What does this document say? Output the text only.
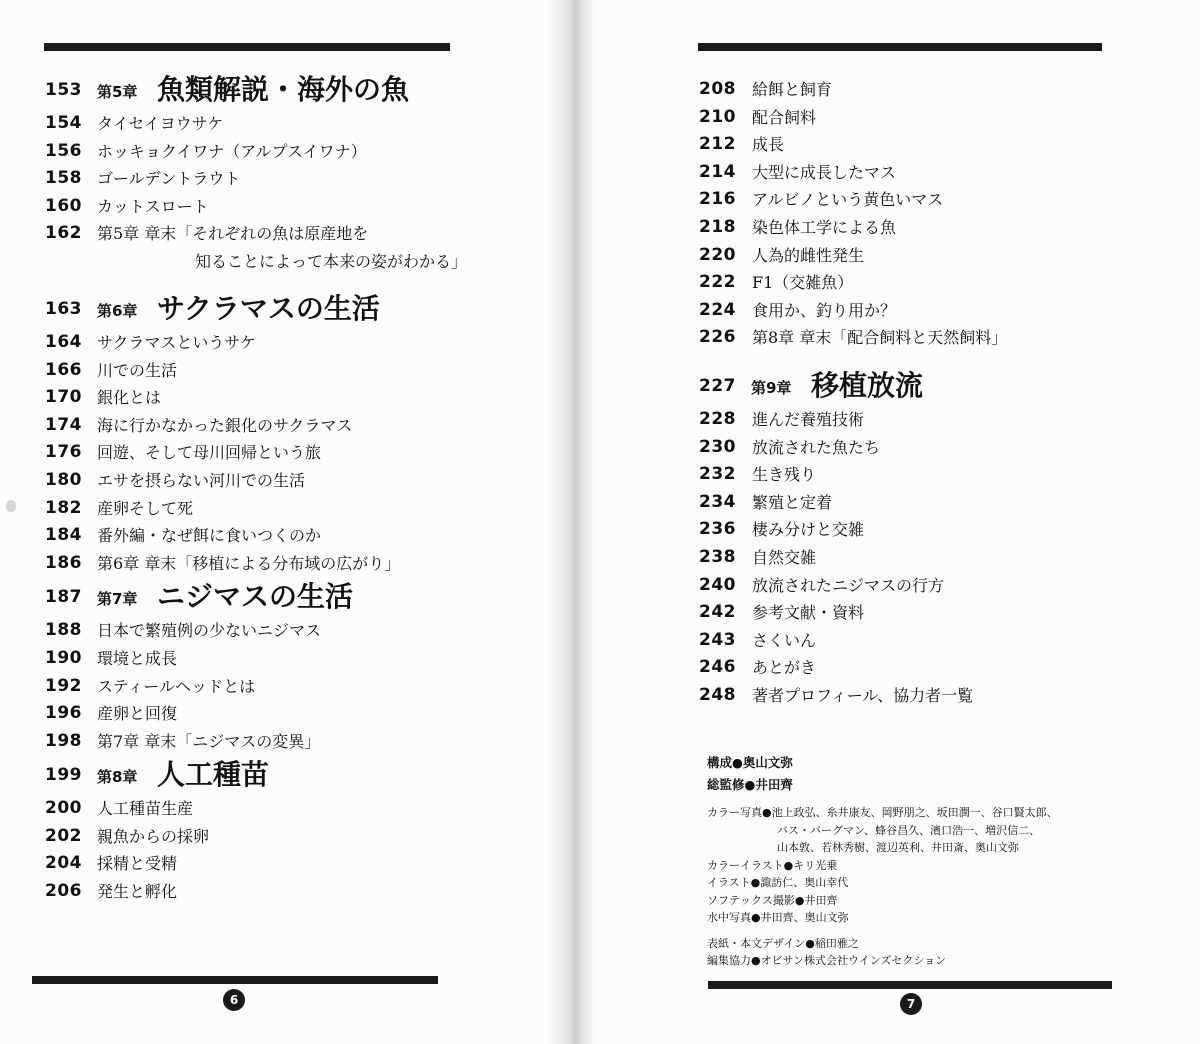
153 第5章 魚類解説・海外の魚
154 タイセイヨウサケ
156 ホッキョクイワナ（アルプスイワナ）
158 ゴールデントラウト
160 カットスロート
162 第5章 章末「それぞれの魚は原産地を
知ることによって本来の姿がわかる」
163 第6章 サクラマスの生活
164 サクラマスというサケ
166 川での生活
170 銀化とは
174 海に行かなかった銀化のサクラマス
176 回遊、そして母川回帰という旅
180 エサを摂らない河川での生活
182 産卵そして死
184 番外編・なぜ餌に食いつくのか
186 第6章 章末「移植による分布域の広がり」
187 第7章 ニジマスの生活
188 日本で繁殖例の少ないニジマス
190 環境と成長
192 スティールヘッドとは
196 産卵と回復
198 第7章 章末「ニジマスの変異」
199 第8章 人工種苗
200 人工種苗生産
202 親魚からの採卵
204 採精と受精
206 発生と孵化
6
208 給餌と飼育
210 配合飼料
212 成長
214 大型に成長したマス
216 アルビノという黄色いマス
218 染色体工学による魚
220 人為的雌性発生
222 F1（交雑魚）
224 食用か、釣り用か？
226 第8章 章末「配合飼料と天然飼料」
227 第9章 移植放流
228 進んだ養殖技術
230 放流された魚たち
232 生き残り
234 繁殖と定着
236 棲み分けと交雑
238 自然交雑
240 放流されたニジマスの行方
242 参考文献・資料
243 さくいん
246 あとがき
248 著者プロフィール、協力者一覧
7
構成●奥山文弥
総監修●井田齊
カラー写真●池上政弘、糸井康友、岡野朋之、坂田潤一、谷口賢太郎、
バス・バーグマン、蜂谷昌久、濱口浩一、増沢信二、
山本敦、若林秀樹、渡辺英利、井田斎、奥山文弥
カラーイラスト●キリ光乗
イラスト●諏訪仁、奥山幸代
ソフテックス撮影●井田齊
水中写真●井田齊、奥山文弥
表紙・本文デザイン●稲田雅之
編集協力●オビサン株式会社ウインズセクション
